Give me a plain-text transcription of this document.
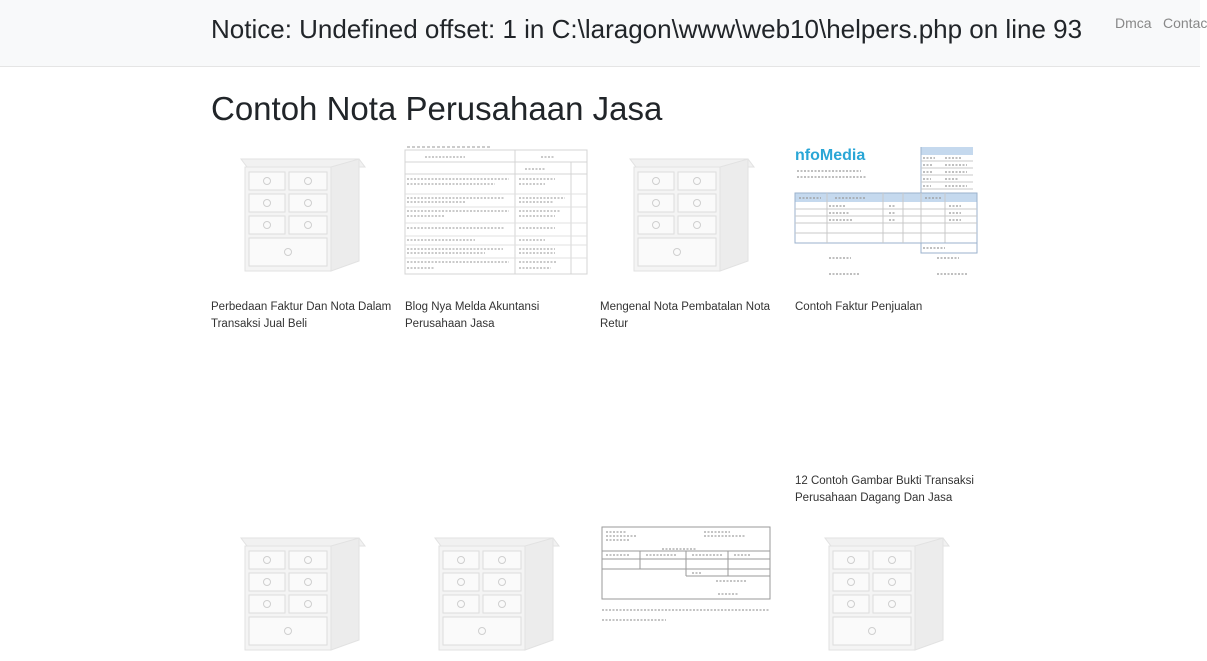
Notice: Undefined offset: 1 in C:\laragon\www\web10\helpers.php on line 93 Dmca Contac
Contoh Nota Perusahaan Jasa
Perbedaan Faktur Dan Nota Dalam Transaksi Jual Beli
Blog Nya Melda Akuntansi Perusahaan Jasa
Mengenal Nota Pembatalan Nota Retur
nfoMedia
Contoh Faktur Penjualan
12 Contoh Gambar Bukti Transaksi Perusahaan Dagang Dan Jasa
